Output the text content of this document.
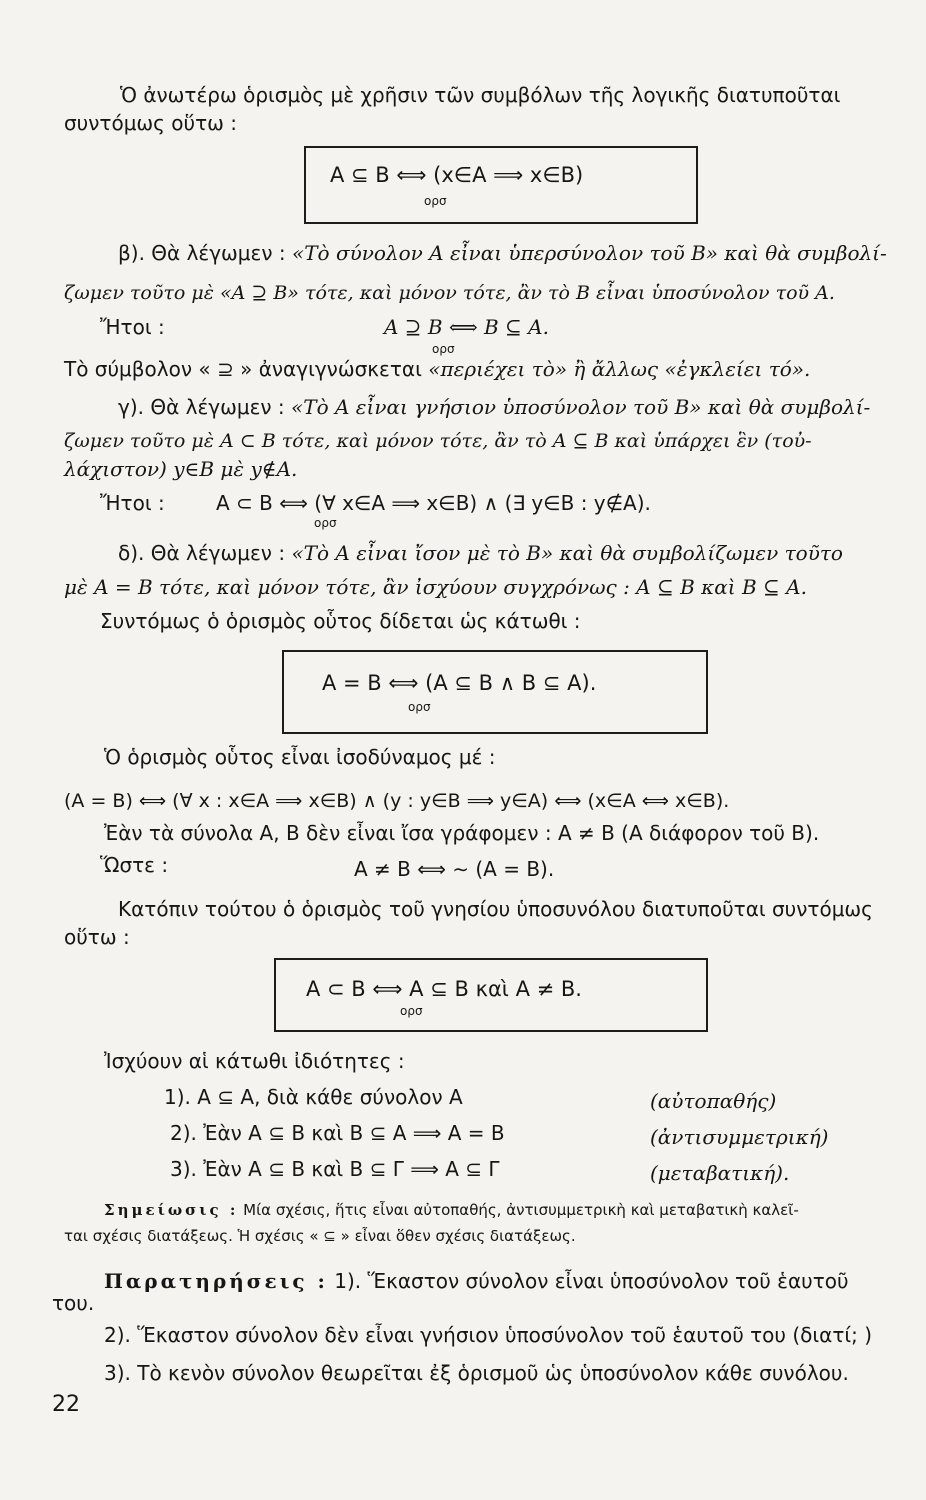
Ὁ ἀνωτέρω ὁρισμὸς μὲ χρῆσιν τῶν συμβόλων τῆς λογικῆς διατυποῦται
συντόμως οὕτω :
A ⊆ B ⟺ (x∈A ⟹ x∈B)
ορσ
β). Θὰ λέγωμεν : «Τὸ σύνολον A εἶναι ὑπερσύνολον τοῦ B» καὶ θὰ συμβολί-
ζωμεν τοῦτο μὲ «A ⊇ B» τότε, καὶ μόνον τότε, ἂν τὸ B εἶναι ὑποσύνολον τοῦ A.
Ἤτοι :	A ⊇ B ⟺ B ⊆ A.
ορσ
Τὸ σύμβολον « ⊇ » ἀναγιγνώσκεται «περιέχει τὸ» ἢ ἄλλως «ἐγκλείει τό».
γ). Θὰ λέγωμεν : «Τὸ A εἶναι γνήσιον ὑποσύνολον τοῦ B» καὶ θὰ συμβολί-
ζωμεν τοῦτο μὲ A ⊂ B τότε, καὶ μόνον τότε, ἂν τὸ A ⊆ B καὶ ὑπάρχει ἓν (τοὐ-
λάχιστον) y∈B μὲ y∉A.
Ἤτοι :	A ⊂ B ⟺ (∀ x∈A ⟹ x∈B) ∧ (∃ y∈B : y∉A).
ορσ
δ). Θὰ λέγωμεν : «Τὸ A εἶναι ἴσον μὲ τὸ B» καὶ θὰ συμβολίζωμεν τοῦτο
μὲ A = B τότε, καὶ μόνον τότε, ἂν ἰσχύουν συγχρόνως : A ⊆ B καὶ B ⊆ A.
Συντόμως ὁ ὁρισμὸς οὗτος δίδεται ὡς κάτωθι :
A = B ⟺ (A ⊆ B ∧ B ⊆ A).
ορσ
Ὁ ὁρισμὸς οὗτος εἶναι ἰσοδύναμος μέ :
(A = B) ⟺ (∀ x : x∈A ⟹ x∈B) ∧ (y : y∈B ⟹ y∈A) ⟺ (x∈A ⟺ x∈B).
Ἐὰν τὰ σύνολα A, B δὲν εἶναι ἴσα γράφομεν : A ≠ B (A διάφορον τοῦ B).
Ὥστε :	A ≠ B ⟺ ∼ (A = B).
Κατόπιν τούτου ὁ ὁρισμὸς τοῦ γνησίου ὑποσυνόλου διατυποῦται συντόμως
οὕτω :
A ⊂ B ⟺ A ⊆ B καὶ A ≠ B.
ορσ
Ἰσχύουν αἱ κάτωθι ἰδιότητες :
1). A ⊆ A, διὰ κάθε σύνολον A	(αὐτοπαθής)
2). Ἐὰν A ⊆ B καὶ B ⊆ A ⟹ A = B	(ἀντισυμμετρική)
3). Ἐὰν A ⊆ B καὶ B ⊆ Γ ⟹ A ⊆ Γ	(μεταβατική).
Σημείωσις : Μία σχέσις, ἥτις εἶναι αὐτοπαθής, ἀντισυμμετρικὴ καὶ μεταβατικὴ καλεῖ-
ται σχέσις διατάξεως. Ἡ σχέσις « ⊆ » εἶναι ὅθεν σχέσις διατάξεως.
Παρατηρήσεις : 1). Ἕκαστον σύνολον εἶναι ὑποσύνολον τοῦ ἑαυτοῦ
του.
2). Ἕκαστον σύνολον δὲν εἶναι γνήσιον ὑποσύνολον τοῦ ἑαυτοῦ του (διατί; )
3). Τὸ κενὸν σύνολον θεωρεῖται ἐξ ὁρισμοῦ ὡς ὑποσύνολον κάθε συνόλου.
22
